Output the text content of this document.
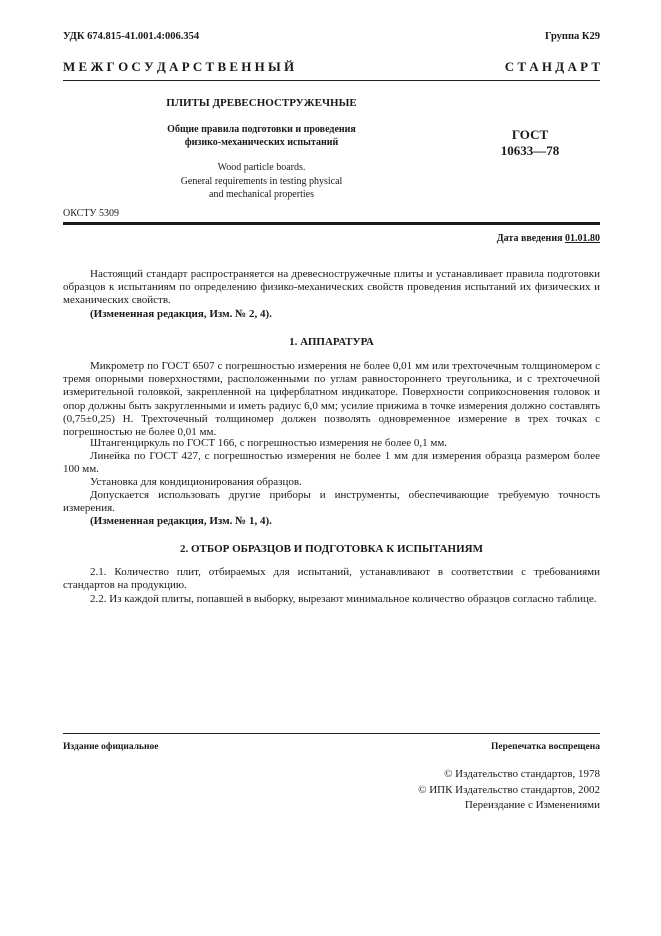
УДК 674.815-41.001.4:006.354	Группа К29
М Е Ж Г О С У Д А Р С Т В Е Н Н Ы Й	С Т А Н Д А Р Т
ПЛИТЫ ДРЕВЕСНОСТРУЖЕЧНЫЕ
Общие правила подготовки и проведения
физико-механических испытаний
Wood particle boards.
General requirements in testing physical
and mechanical properties
ГОСТ
10633—78
ОКСТУ 5309
Дата введения 01.01.80
Настоящий стандарт распространяется на древесностружечные плиты и устанавливает правила подготовки образцов к испытаниям по определению физико-механических свойств проведения испытаний их физических и механических свойств.
(Измененная редакция, Изм. № 2, 4).
1. АППАРАТУРА
Микрометр по ГОСТ 6507 с погрешностью измерения не более 0,01 мм или трехточечным толщиномером с тремя опорными поверхностями, расположенными по углам равностороннего треугольника, и с трехточечной измерительной головкой, закрепленной на циферблатном индикаторе. Поверхности соприкосновения головок и опор должны быть закругленными и иметь радиус 6,0 мм; усилие прижима в точке измерения должно составлять (0,75±0,25) Н. Трехточечный толщиномер должен позволять одновременное измерение в трех точках с погрешностью не более 0,01 мм.
Штангенциркуль по ГОСТ 166, с погрешностью измерения не более 0,1 мм.
Линейка по ГОСТ 427, с погрешностью измерения не более 1 мм для измерения образца размером более 100 мм.
Установка для кондиционирования образцов.
Допускается использовать другие приборы и инструменты, обеспечивающие требуемую точность измерения.
(Измененная редакция, Изм. № 1, 4).
2. ОТБОР ОБРАЗЦОВ И ПОДГОТОВКА К ИСПЫТАНИЯМ
2.1. Количество плит, отбираемых для испытаний, устанавливают в соответствии с требованиями стандартов на продукцию.
2.2. Из каждой плиты, попавшей в выборку, вырезают минимальное количество образцов согласно таблице.
Издание официальное	Перепечатка воспрещена
© Издательство стандартов, 1978
© ИПК Издательство стандартов, 2002
Переиздание с Изменениями
